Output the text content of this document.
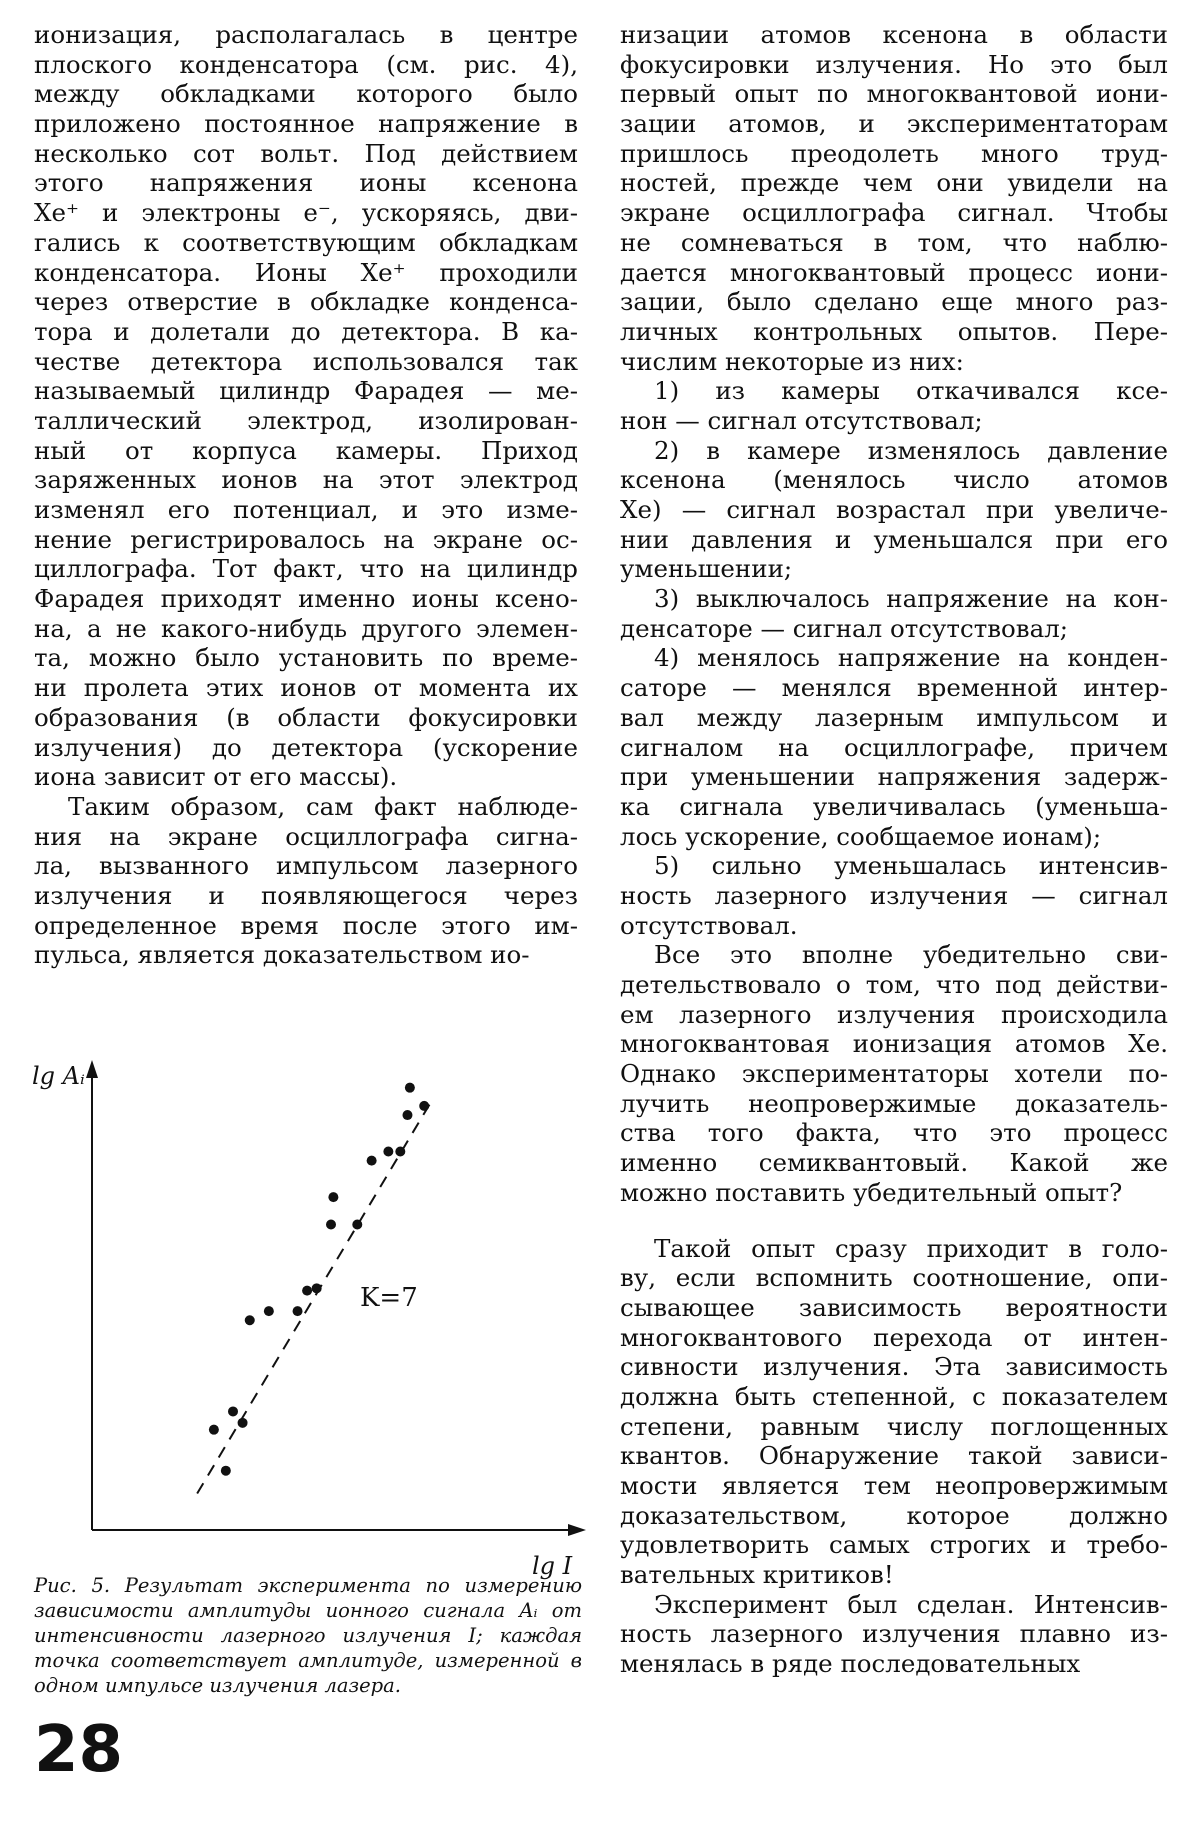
ионизация, располагалась в центре
плоского конденсатора (см. рис. 4),
между обкладками которого было
приложено постоянное напряжение в
несколько сот вольт. Под действием
этого напряжения ионы ксенона
Xe⁺ и электроны e⁻, ускоряясь, дви-
гались к соответствующим обкладкам
конденсатора. Ионы Xe⁺ проходили
через отверстие в обкладке конденса-
тора и долетали до детектора. В ка-
честве детектора использовался так
называемый цилиндр Фарадея — ме-
таллический электрод, изолирован-
ный от корпуса камеры. Приход
заряженных ионов на этот электрод
изменял его потенциал, и это изме-
нение регистрировалось на экране ос-
циллографа. Тот факт, что на цилиндр
Фарадея приходят именно ионы ксено-
на, а не какого-нибудь другого элемен-
та, можно было установить по време-
ни пролета этих ионов от момента их
образования (в области фокусировки
излучения) до детектора (ускорение
иона зависит от его массы).
Таким образом, сам факт наблюде-
ния на экране осциллографа сигна-
ла, вызванного импульсом лазерного
излучения и появляющегося через
определенное время после этого им-
пульса, является доказательством ио-
низации атомов ксенона в области
фокусировки излучения. Но это был
первый опыт по многоквантовой иони-
зации атомов, и экспериментаторам
пришлось преодолеть много труд-
ностей, прежде чем они увидели на
экране осциллографа сигнал. Чтобы
не сомневаться в том, что наблю-
дается многоквантовый процесс иони-
зации, было сделано еще много раз-
личных контрольных опытов. Пере-
числим некоторые из них:
1) из камеры откачивался ксе-
нон — сигнал отсутствовал;
2) в камере изменялось давление
ксенона (менялось число атомов
Xe) — сигнал возрастал при увеличе-
нии давления и уменьшался при его
уменьшении;
3) выключалось напряжение на кон-
денсаторе — сигнал отсутствовал;
4) менялось напряжение на конден-
саторе — менялся временной интер-
вал между лазерным импульсом и
сигналом на осциллографе, причем
при уменьшении напряжения задерж-
ка сигнала увеличивалась (уменьша-
лось ускорение, сообщаемое ионам);
5) сильно уменьшалась интенсив-
ность лазерного излучения — сигнал
отсутствовал.
Все это вполне убедительно сви-
детельствовало о том, что под действи-
ем лазерного излучения происходила
многоквантовая ионизация атомов Xe.
Однако экспериментаторы хотели по-
лучить неопровержимые доказатель-
ства того факта, что это процесс
именно семиквантовый. Какой же
можно поставить убедительный опыт?
Такой опыт сразу приходит в голо-
ву, если вспомнить соотношение, опи-
сывающее зависимость вероятности
многоквантового перехода от интен-
сивности излучения. Эта зависимость
должна быть степенной, с показателем
степени, равным числу поглощенных
квантов. Обнаружение такой зависи-
мости является тем неопровержимым
доказательством, которое должно
удовлетворить самых строгих и требо-
вательных критиков!
Эксперимент был сделан. Интенсив-
ность лазерного излучения плавно из-
менялась в ряде последовательных
lg Aᵢ
lg I
K=7
Рис. 5. Результат эксперимента по измерению
зависимости амплитуды ионного сигнала Aᵢ от
интенсивности лазерного излучения I; каждая
точка соответствует амплитуде, измеренной в
одном импульсе излучения лазера.
28
